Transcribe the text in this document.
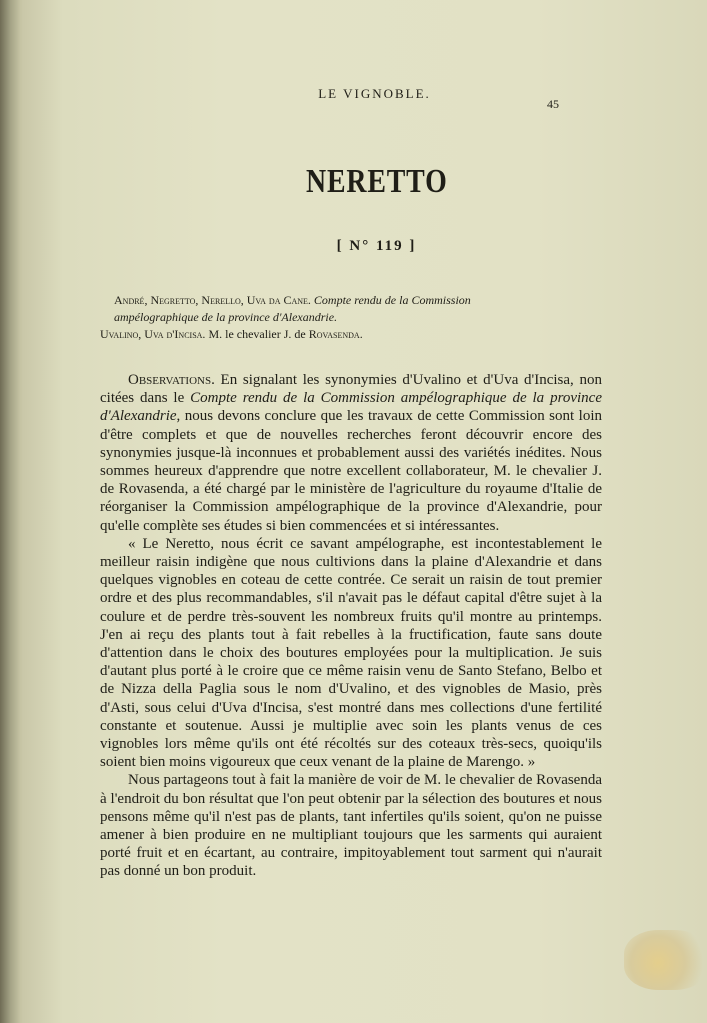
LE VIGNOBLE.
45
NERETTO
[ N° 119 ]
André, Negretto, Nerello, Uva da Cane. Compte rendu de la Commission
ampélographique de la province d'Alexandrie.
Uvalino, Uva d'Incisa. M. le chevalier J. de Rovasenda.

Observations. En signalant les synonymies d'Uvalino et d'Uva d'Incisa, non citées dans le Compte rendu de la Commission ampélographique de la province d'Alexandrie, nous devons conclure que les travaux de cette Commission sont loin d'être complets et que de nouvelles recherches feront découvrir encore des synonymies jusque-là inconnues et probablement aussi des variétés inédites. Nous sommes heureux d'apprendre que notre excellent collaborateur, M. le chevalier J. de Rovasenda, a été chargé par le ministère de l'agriculture du royaume d'Italie de réorganiser la Commission ampélographique de la province d'Alexandrie, pour qu'elle complète ses études si bien commencées et si intéressantes.

« Le Neretto, nous écrit ce savant ampélographe, est incontestablement le meilleur raisin indigène que nous cultivions dans la plaine d'Alexandrie et dans quelques vignobles en coteau de cette contrée. Ce serait un raisin de tout premier ordre et des plus recommandables, s'il n'avait pas le défaut capital d'être sujet à la coulure et de perdre très-souvent les nombreux fruits qu'il montre au printemps. J'en ai reçu des plants tout à fait rebelles à la fructification, faute sans doute d'attention dans le choix des boutures employées pour la multiplication. Je suis d'autant plus porté à le croire que ce même raisin venu de Santo Stefano, Belbo et de Nizza della Paglia sous le nom d'Uvalino, et des vignobles de Masio, près d'Asti, sous celui d'Uva d'Incisa, s'est montré dans mes collections d'une fertilité constante et soutenue. Aussi je multiplie avec soin les plants venus de ces vignobles lors même qu'ils ont été récoltés sur des coteaux très-secs, quoiqu'ils soient bien moins vigoureux que ceux venant de la plaine de Marengo. »

Nous partageons tout à fait la manière de voir de M. le chevalier de Rovasenda à l'endroit du bon résultat que l'on peut obtenir par la sélection des boutures et nous pensons même qu'il n'est pas de plants, tant infertiles qu'ils soient, qu'on ne puisse amener à bien produire en ne multipliant toujours que les sarments qui auraient porté fruit et en écartant, au contraire, impitoyablement tout sarment qui n'aurait pas donné un bon produit.
